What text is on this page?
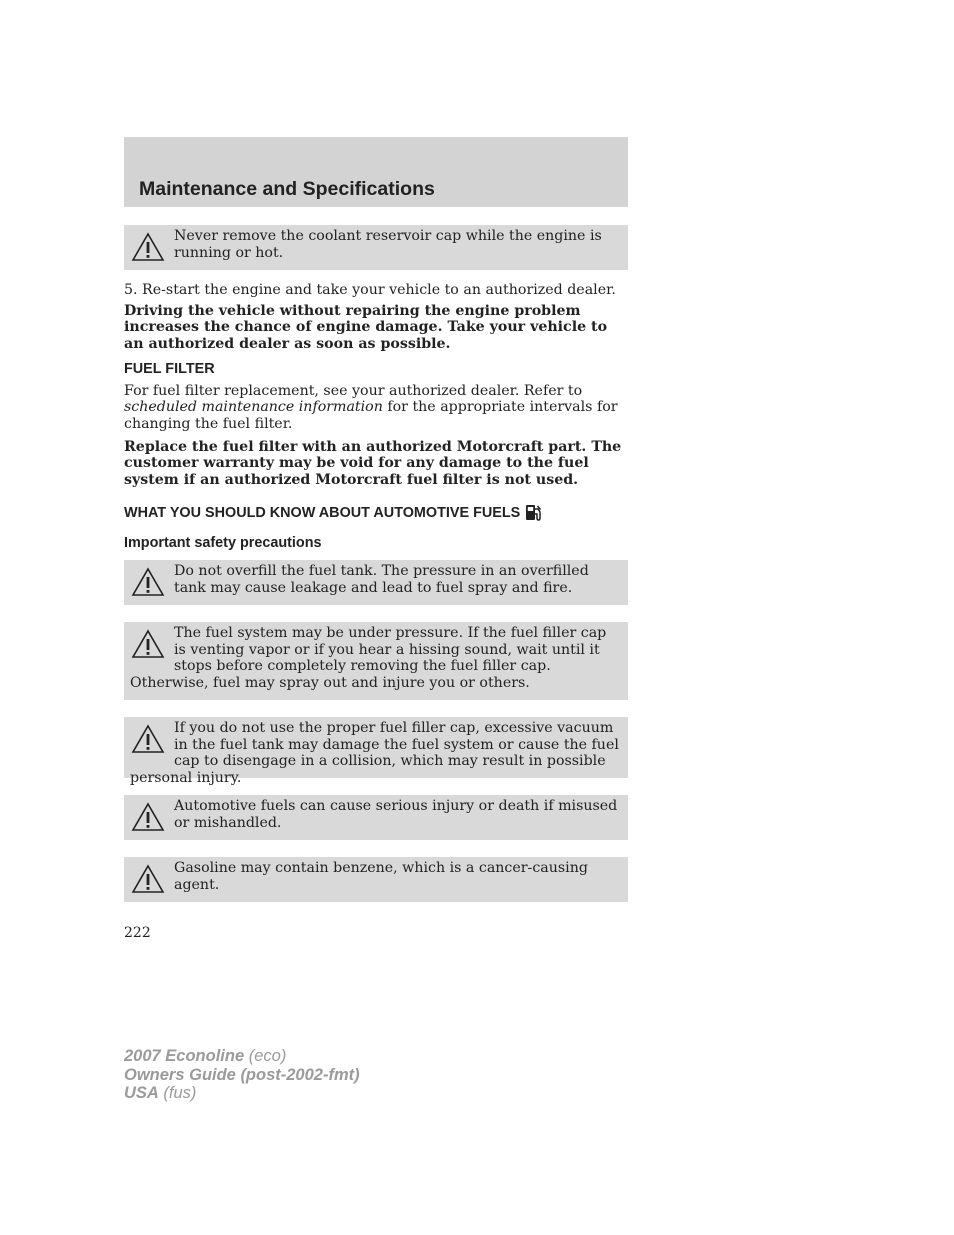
Maintenance and Specifications

Never remove the coolant reservoir cap while the engine is running or hot.

5. Re-start the engine and take your vehicle to an authorized dealer.

Driving the vehicle without repairing the engine problem increases the chance of engine damage. Take your vehicle to an authorized dealer as soon as possible.

FUEL FILTER

For fuel filter replacement, see your authorized dealer. Refer to scheduled maintenance information for the appropriate intervals for changing the fuel filter.

Replace the fuel filter with an authorized Motorcraft part. The customer warranty may be void for any damage to the fuel system if an authorized Motorcraft fuel filter is not used.

WHAT YOU SHOULD KNOW ABOUT AUTOMOTIVE FUELS
Important safety precautions

Do not overfill the fuel tank. The pressure in an overfilled tank may cause leakage and lead to fuel spray and fire.

The fuel system may be under pressure. If the fuel filler cap is venting vapor or if you hear a hissing sound, wait until it stops before completely removing the fuel filler cap. Otherwise, fuel may spray out and injure you or others.

If you do not use the proper fuel filler cap, excessive vacuum in the fuel tank may damage the fuel system or cause the fuel cap to disengage in a collision, which may result in possible personal injury.

Automotive fuels can cause serious injury or death if misused or mishandled.

Gasoline may contain benzene, which is a cancer-causing agent.

222

2007 Econoline (eco)
Owners Guide (post-2002-fmt)
USA (fus)
